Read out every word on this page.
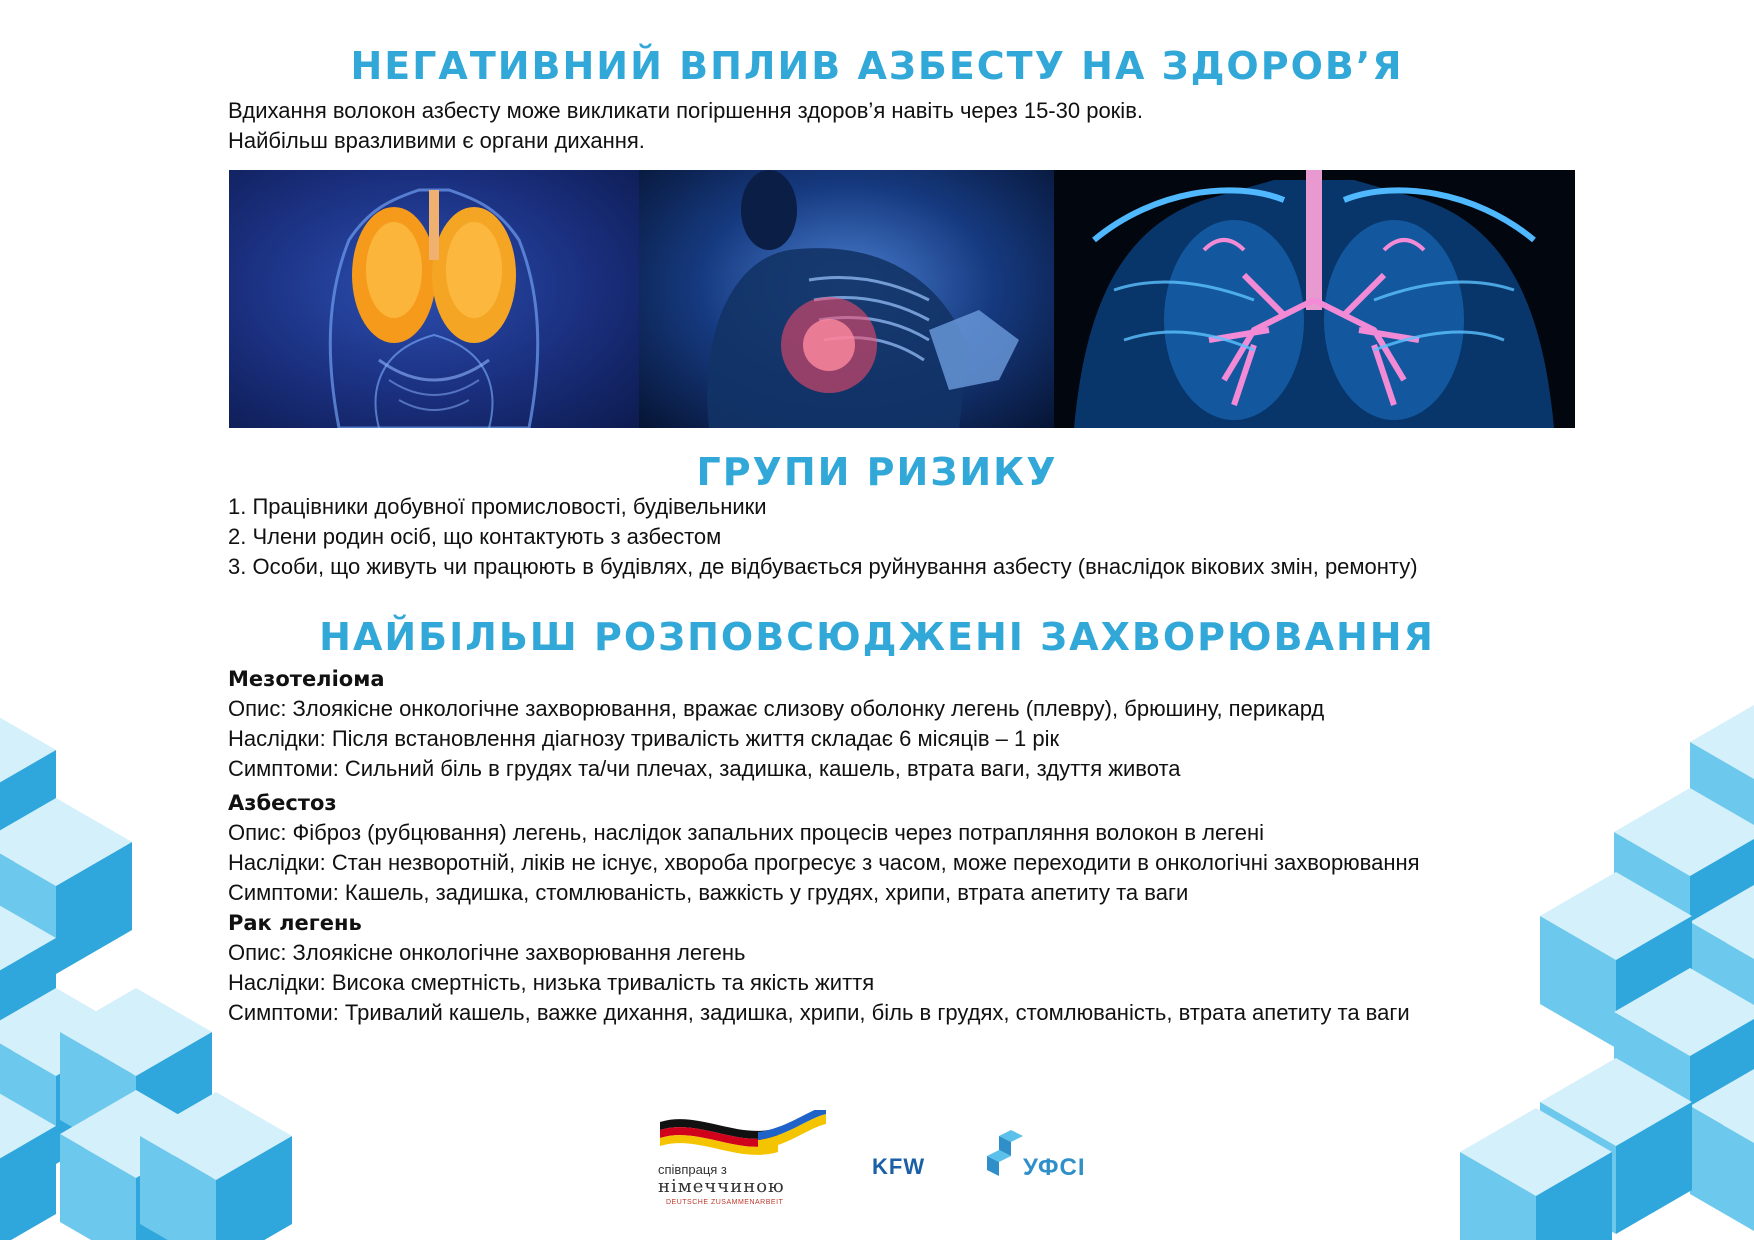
НЕГАТИВНИЙ ВПЛИВ АЗБЕСТУ НА ЗДОРОВ’Я
Вдихання волокон азбесту може викликати погіршення здоров’я навіть через 15-30 років.
Найбільш вразливими є органи дихання.
ГРУПИ РИЗИКУ
1. Працівники добувної промисловості, будівельники
2. Члени родин осіб, що контактують з азбестом
3. Особи, що живуть чи працюють в будівлях, де відбувається руйнування азбесту (внаслідок вікових змін, ремонту)
НАЙБІЛЬШ РОЗПОВСЮДЖЕНІ ЗАХВОРЮВАННЯ
Мезотеліома
Опис: Злоякісне онкологічне захворювання, вражає слизову оболонку легень (плевру), брюшину, перикард
Наслідки: Після встановлення діагнозу тривалість життя складає 6 місяців – 1 рік
Симптоми: Сильний біль в грудях та/чи плечах, задишка, кашель, втрата ваги, здуття живота
Азбестоз
Опис: Фіброз (рубцювання) легень, наслідок запальних процесів через потрапляння волокон в легені
Наслідки: Стан незворотній, ліків не існує, хвороба прогресує з часом, може переходити в онкологічні захворювання
Симптоми: Кашель, задишка, стомлюваність, важкість у грудях, хрипи, втрата апетиту та ваги
Рак легень
Опис: Злоякісне онкологічне захворювання легень
Наслідки: Висока смертність, низька тривалість та якість життя
Симптоми: Тривалий кашель, важке дихання, задишка, хрипи, біль в грудях, стомлюваність, втрата апетиту та ваги
співпраця з
німеччиною
DEUTSCHE ZUSAMMENARBEIT
KFW	УФСІ
